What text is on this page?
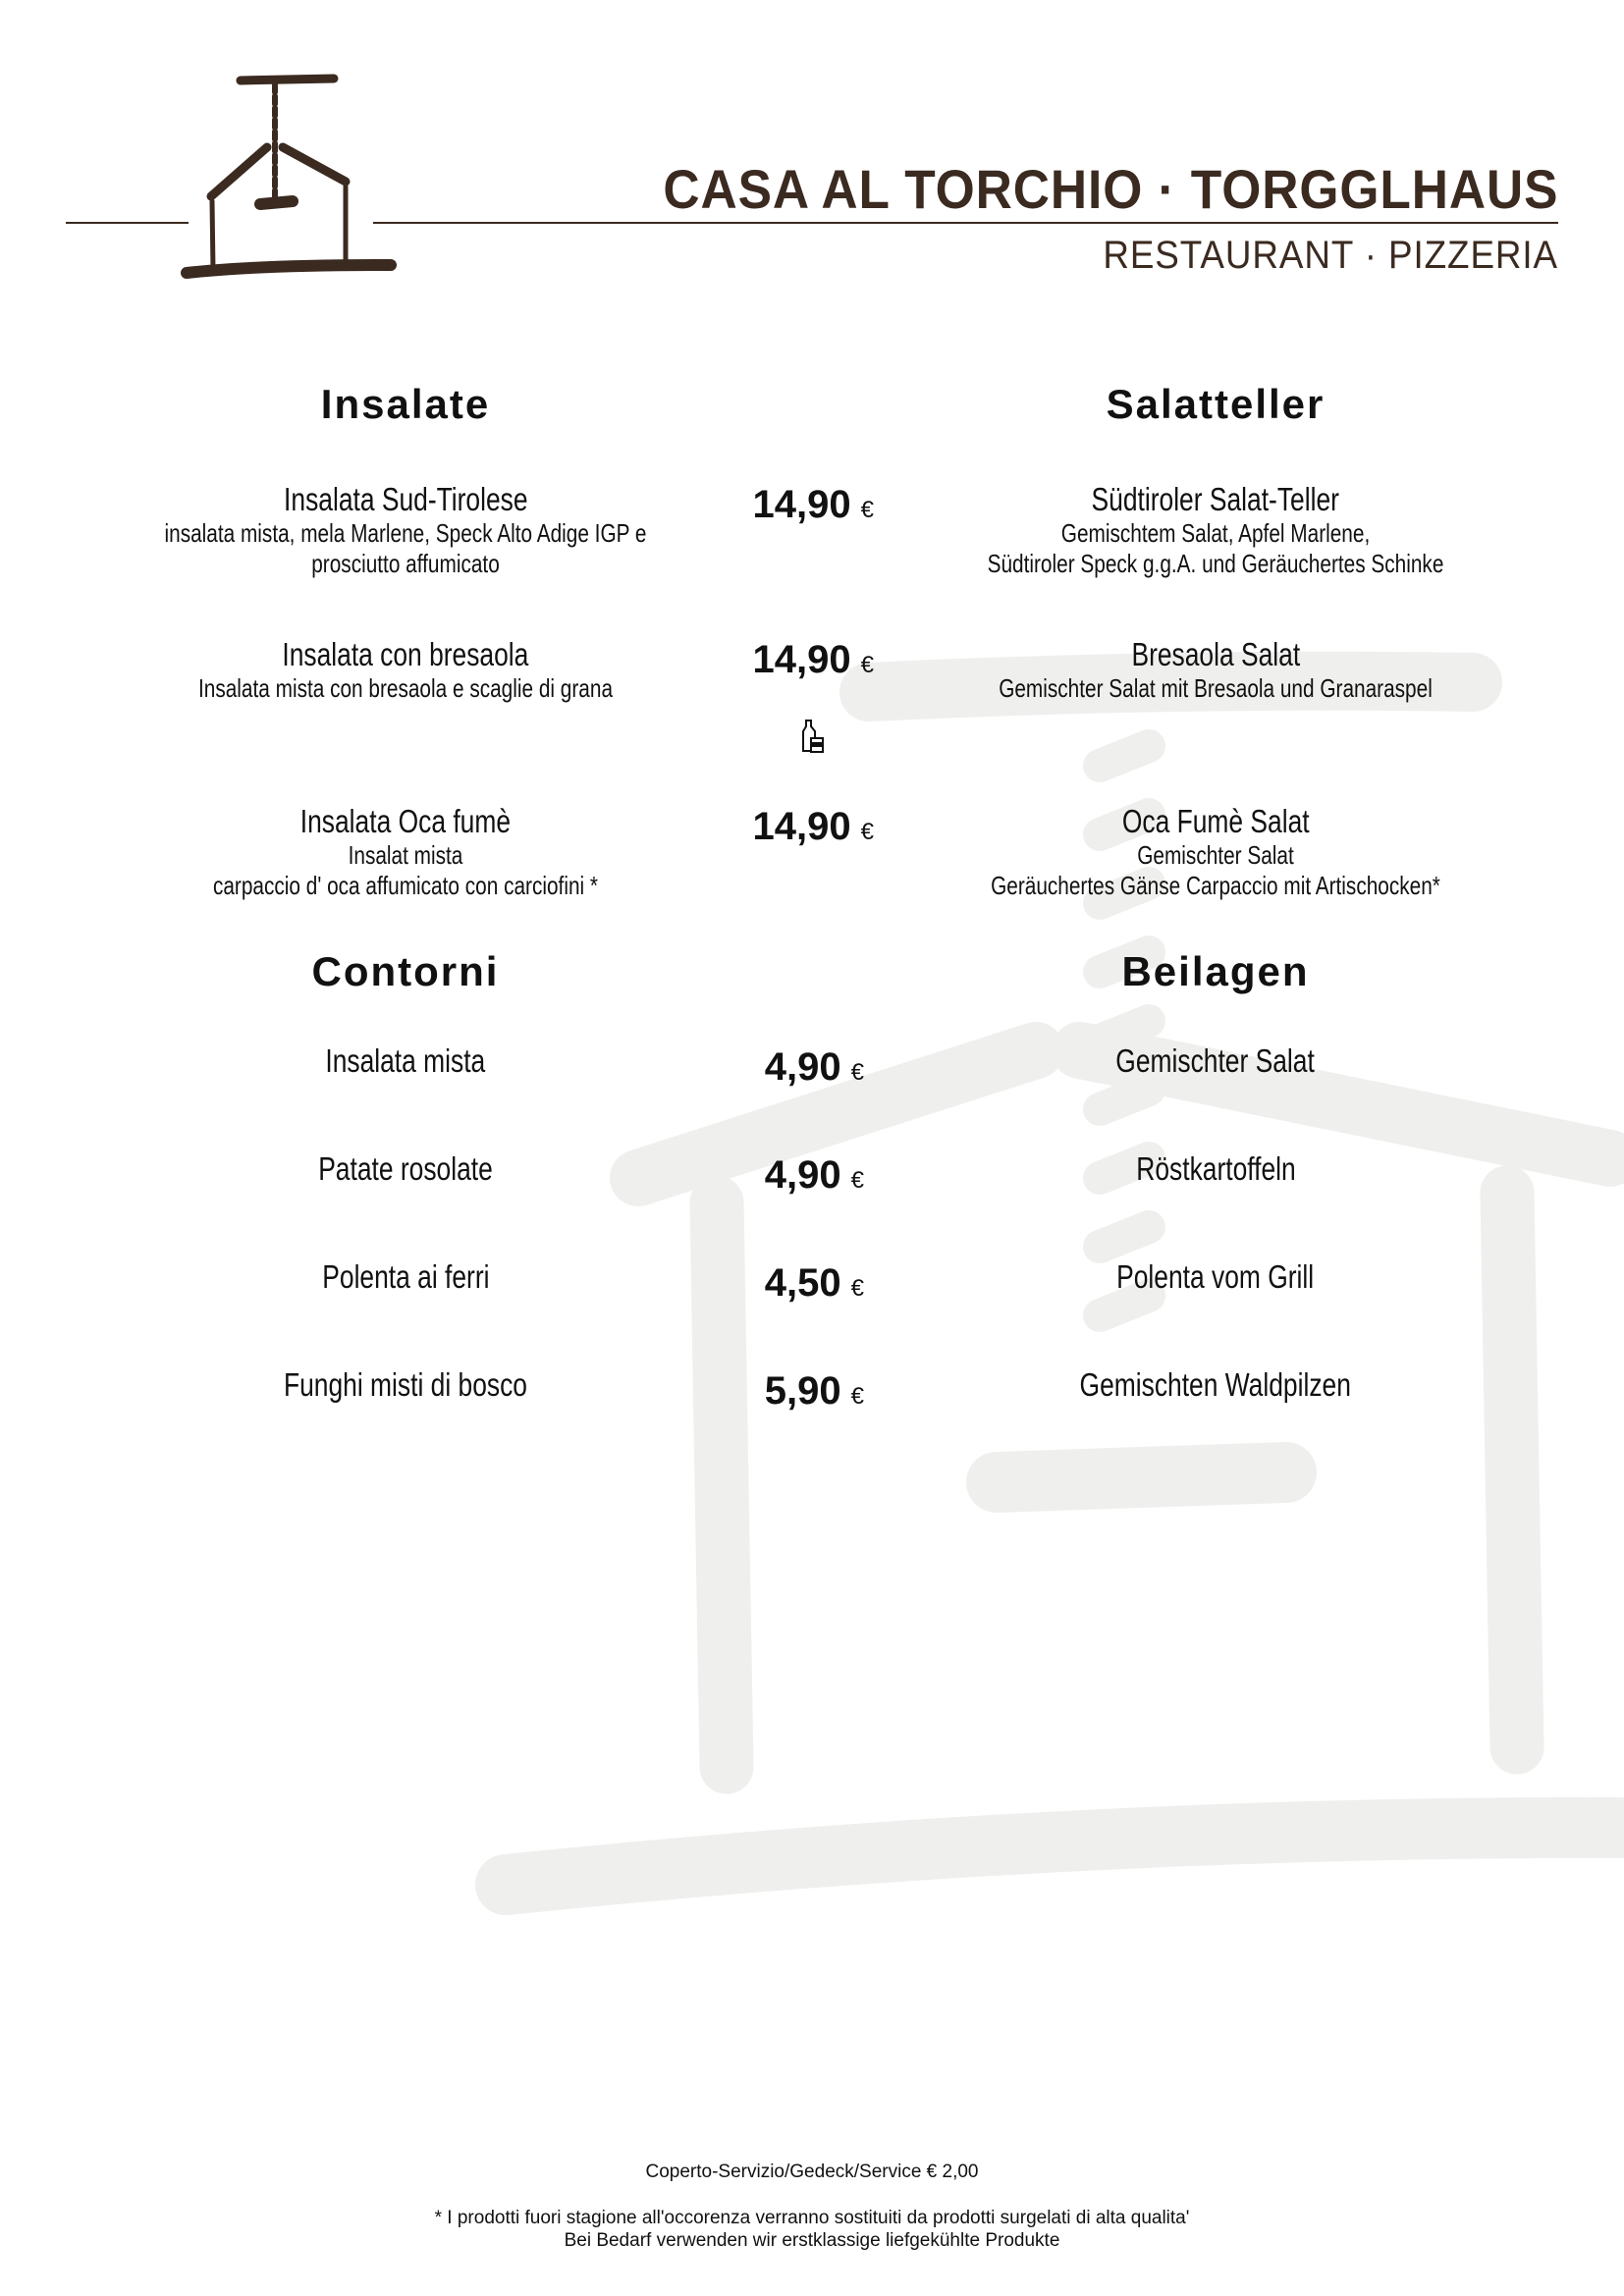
CASA AL TORCHIO · TORGGLHAUS
RESTAURANT · PIZZERIA
Insalate	Salatteller
Insalata Sud-Tirolese
insalata mista, mela Marlene, Speck Alto Adige IGP e
prosciutto affumicato
14,90 €	Südtiroler Salat-Teller
Gemischtem Salat, Apfel Marlene,
Südtiroler Speck g.g.A. und Geräuchertes Schinke
Insalata con bresaola
Insalata mista con bresaola e scaglie di grana
14,90 €	Bresaola Salat
Gemischter Salat mit Bresaola und Granaraspel
Insalata Oca fumè
Insalat mista
carpaccio d' oca affumicato con carciofini *
14,90 €	Oca Fumè Salat
Gemischter Salat
Geräuchertes Gänse Carpaccio mit Artischocken*
Contorni	Beilagen
Insalata mista	4,90 €	Gemischter Salat
Patate rosolate	4,90 €	Röstkartoffeln
Polenta ai ferri	4,50 €	Polenta vom Grill
Funghi misti di bosco	5,90 €	Gemischten Waldpilzen
Coperto-Servizio/Gedeck/Service € 2,00
* I prodotti fuori stagione all'occorenza verranno sostituiti da prodotti surgelati di alta qualita'
Bei Bedarf verwenden wir erstklassige liefgekühlte Produkte
